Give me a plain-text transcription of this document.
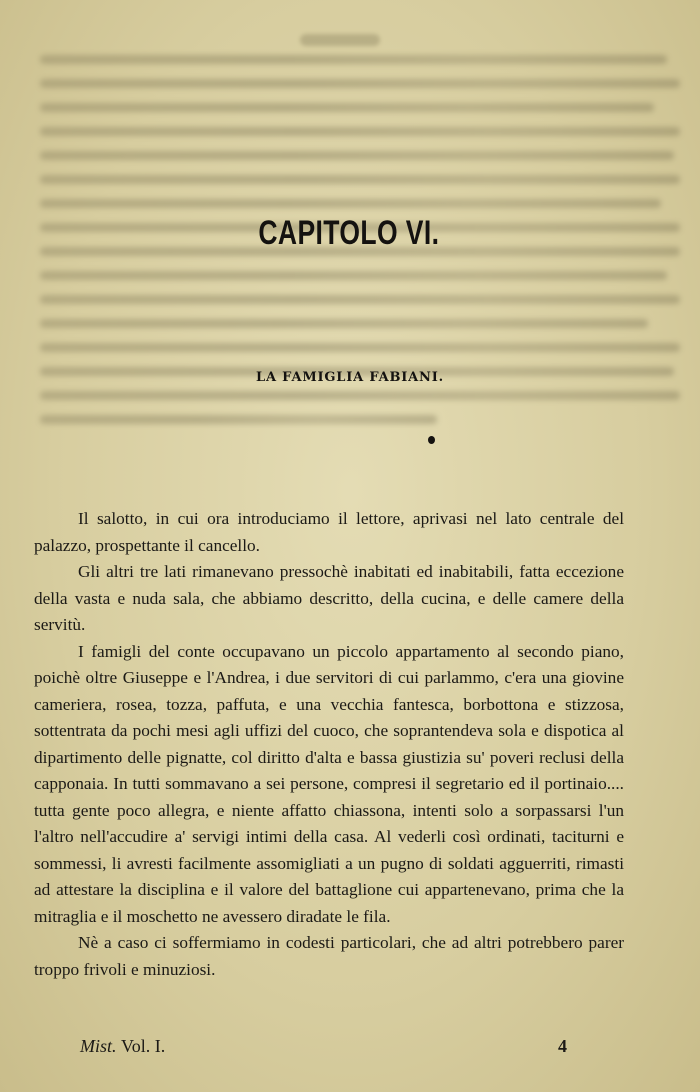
CAPITOLO VI.
LA FAMIGLIA FABIANI.

Il salotto, in cui ora introduciamo il lettore, aprivasi nel lato centrale del palazzo, prospettante il cancello.

Gli altri tre lati rimanevano pressochè inabitati ed inabitabili, fatta eccezione della vasta e nuda sala, che abbiamo descritto, della cucina, e delle camere della servitù.

I famigli del conte occupavano un piccolo appartamento al secondo piano, poichè oltre Giuseppe e l'Andrea, i due servitori di cui parlammo, c'era una giovine cameriera, rosea, tozza, paffuta, e una vecchia fantesca, borbottona e stizzosa, sottentrata da pochi mesi agli uffizi del cuoco, che soprantendeva sola e dispotica al dipartimento delle pignatte, col diritto d'alta e bassa giustizia su' poveri reclusi della capponaia. In tutti sommavano a sei persone, compresi il segretario ed il portinaio.... tutta gente poco allegra, e niente affatto chiassona, intenti solo a sorpassarsi l'un l'altro nell'accudire a' servigi intimi della casa. Al vederli così ordinati, taciturni e sommessi, li avresti facilmente assomigliati a un pugno di soldati agguerriti, rimasti ad attestare la disciplina e il valore del battaglione cui appartenevano, prima che la mitraglia e il moschetto ne avessero diradate le fila.

Nè a caso ci soffermiamo in codesti particolari, che ad altri potrebbero parer troppo frivoli e minuziosi.

Mist. Vol. I.	4
